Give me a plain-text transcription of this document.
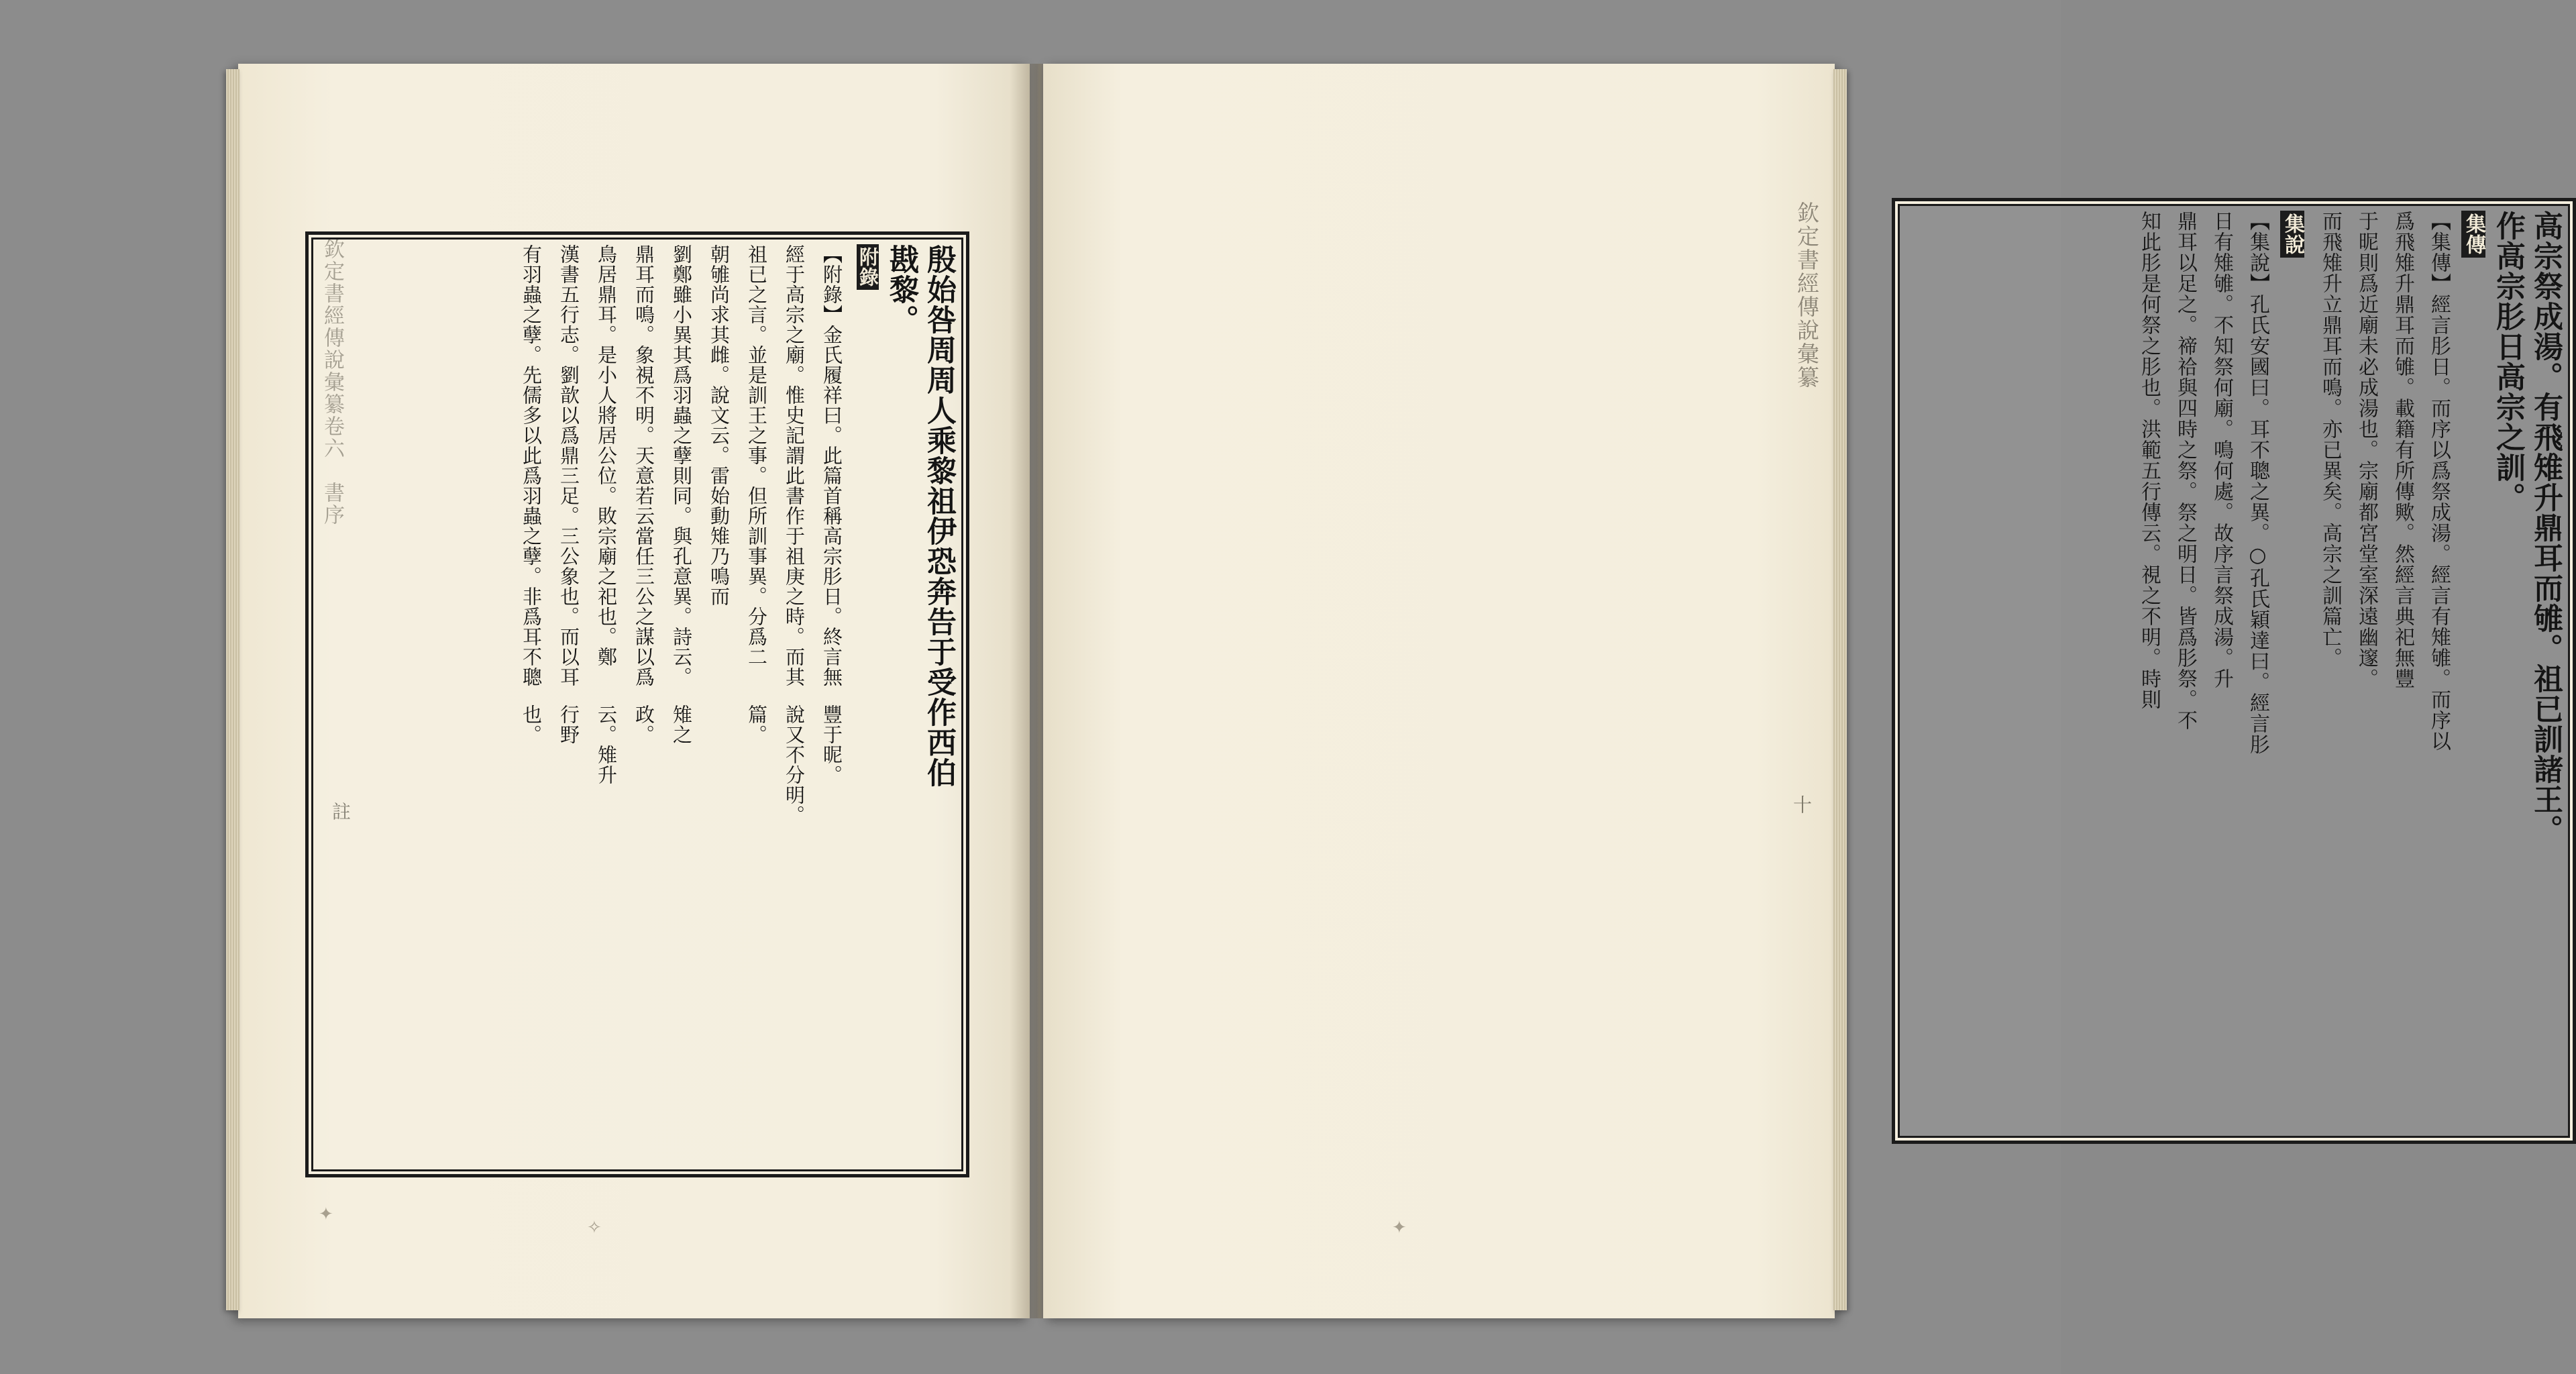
欽定書經傳說彙纂卷六　書序
註
殷始咎周周人乘黎祖伊恐奔告于受作西伯
戡黎。
附錄
【附錄】金氏履祥曰。此篇首稱高宗肜日。終言無豐于昵。
經于高宗之廟。惟史記謂此書作于祖庚之時。而其說又不分明。
祖已之言。並是訓王之事。但所訓事異。分爲二篇。
朝雊尚求其雌。說文云。雷始動雉乃鳴而
劉鄭雖小異其爲羽蟲之孽則同。與孔意異。詩云。雉之
鼎耳而鳴。象視不明。天意若云當任三公之謀以爲政。
鳥居鼎耳。是小人將居公位。敗宗廟之祀也。鄭云。雉升
漢書五行志。劉歆以爲鼎三足。三公象也。而以耳行野
有羽蟲之孽。先儒多以此爲羽蟲之孽。非爲耳不聰也。
✦
✧
欽定書經傳說彙纂
十	高宗祭成湯。有飛雉升鼎耳而雊。祖已訓諸王。
作高宗肜日高宗之訓。
集傳
【集傳】經言肜日。而序以爲祭成湯。經言有雉雊。而序以
爲飛雉升鼎耳而雊。載籍有所傳歟。然經言典祀無豐
于昵則爲近廟未必成湯也。宗廟都宮堂室深遠幽邃。
而飛雉升立鼎耳而鳴。亦已異矣。高宗之訓篇亡。
集說
【集說】孔氏安國曰。耳不聰之異。○孔氏穎達曰。經言肜
日有雉雊。不知祭何廟。鳴何處。故序言祭成湯。升
鼎耳以足之。禘祫與四時之祭。祭之明日。皆爲肜祭。不
知此肜是何祭之肜也。洪範五行傳云。視之不明。時則
✦
